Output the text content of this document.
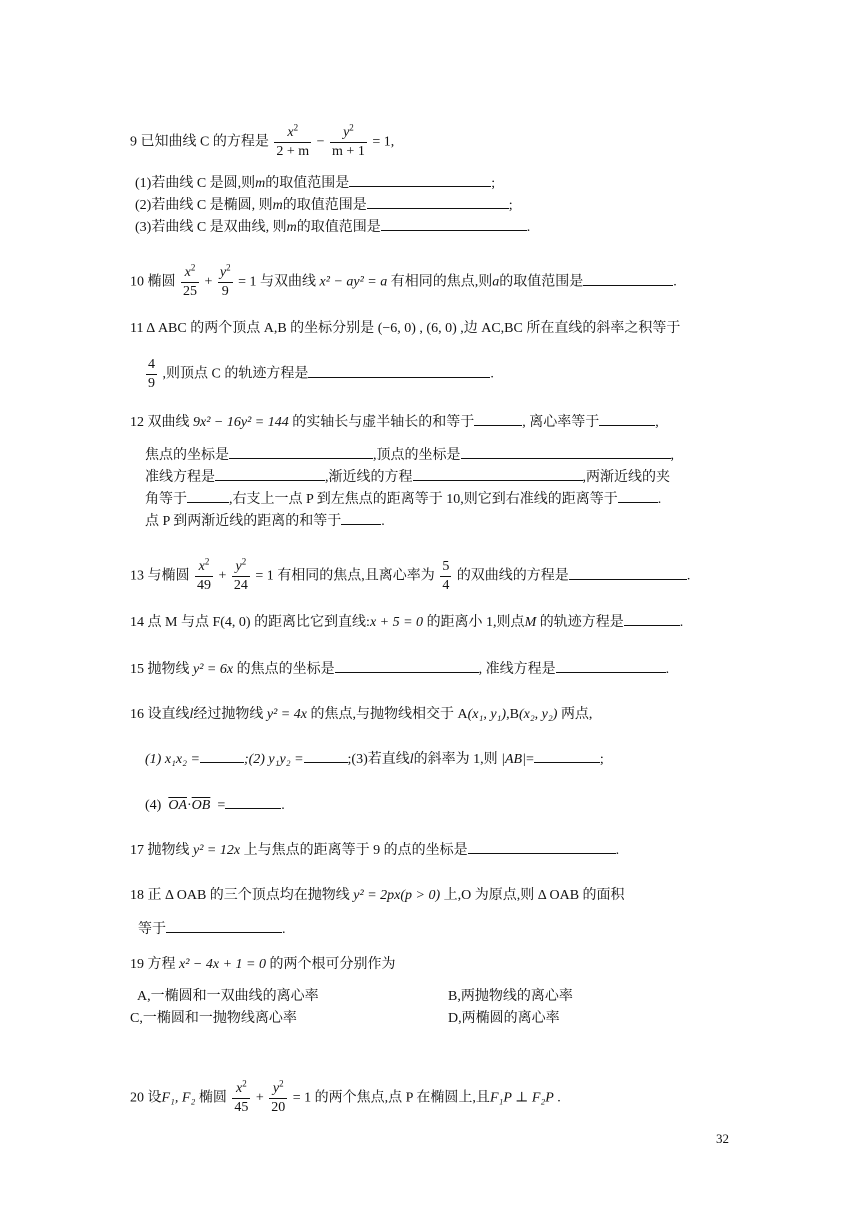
9 已知曲线 C 的方程是 $\frac{x^2}{2 + m} - \frac{y^2}{m + 1} = 1$,
(1)若曲线 C 是圆,则m的取值范围是	;
(2)若曲线 C 是椭圆, 则m的取值范围是	;
(3)若曲线 C 是双曲线, 则m的取值范围是	.
10 椭圆 $\frac{x^2}{25} + \frac{y^2}{9} = 1$ 与双曲线 x² − ay² = a 有相同的焦点,则a的取值范围是	.
11 Δ ABC 的两个顶点 A,B 的坐标分别是 (−6, 0) , (6, 0) ,边 AC,BC 所在直线的斜率之积等于
$\frac{4}{9}$ ,则顶点 C 的轨迹方程是	.
12 双曲线 9x² − 16y² = 144 的实轴长与虚半轴长的和等于	, 离心率等于	,
焦点的坐标是	,顶点的坐标是	,
准线方程是	,渐近线的方程	,两渐近线的夹
角等于	,右支上一点 P 到左焦点的距离等于 10,则它到右准线的距离等于	.
点 P 到两渐近线的距离的和等于	.
13 与椭圆 $\frac{x^2}{49} + \frac{y^2}{24} = 1$ 有相同的焦点,且离心率为 $\frac{5}{4}$ 的双曲线的方程是	.
14 点 M 与点 F(4, 0) 的距离比它到直线:x + 5 = 0 的距离小 1,则点M 的轨迹方程是	.
15 抛物线 y² = 6x 的焦点的坐标是	, 准线方程是	.
16 设直线l经过抛物线 y² = 4x 的焦点,与抛物线相交于 A(x₁, y₁),B(x₂, y₂) 两点,
(1) x₁x₂ =	;(2) y₁y₂ =	;(3)若直线l的斜率为 1,则 |AB|=	;
(4) $\overline{OA}\cdot\overline{OB}$ =	.
17 抛物线 y² = 12x 上与焦点的距离等于 9 的点的坐标是	.
18 正 Δ OAB 的三个顶点均在抛物线 y² = 2px(p > 0) 上,O 为原点,则 Δ OAB 的面积
等于	.
19 方程 x² − 4x + 1 = 0 的两个根可分别作为
A,一椭圆和一双曲线的离心率	B,两抛物线的离心率
C,一椭圆和一抛物线离心率	D,两椭圆的离心率
20 设F₁, F₂ 椭圆 $\frac{x^2}{45} + \frac{y^2}{20} = 1$ 的两个焦点,点 P 在椭圆上,且F₁P ⊥ F₂P .
32
